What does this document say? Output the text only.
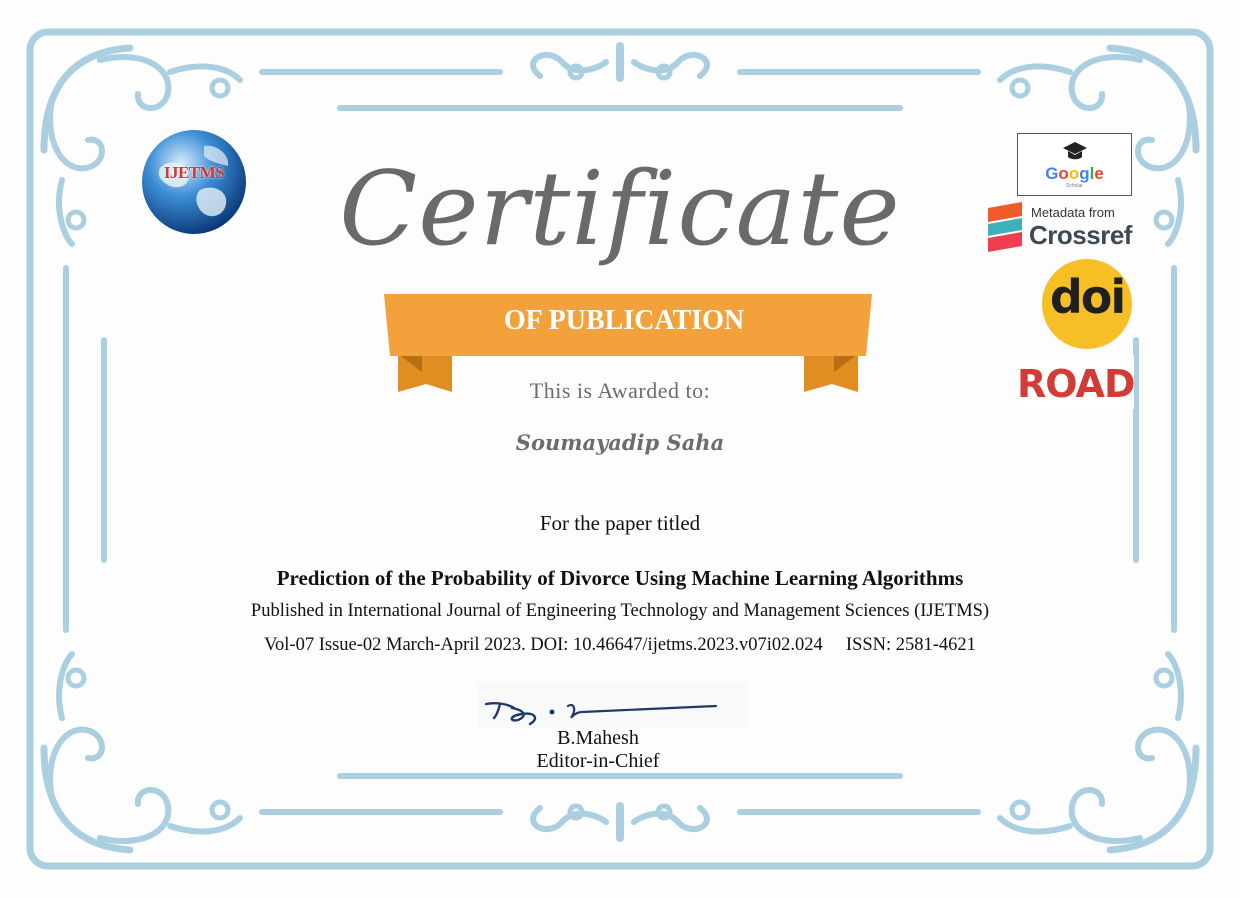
IJETMS	Certificate
OF PUBLICATION
This is Awarded to:
Soumayadip Saha
For the paper titled
Prediction of the Probability of Divorce Using Machine Learning Algorithms
Published in International Journal of Engineering Technology and Management Sciences (IJETMS)
Vol-07 Issue-02 March-April 2023. DOI: 10.46647/ijetms.2023.v07i02.024     ISSN: 2581-4621
B.Mahesh
Editor-in-Chief
Google
Scholar
Metadata from
Crossref
doi
ROAD
